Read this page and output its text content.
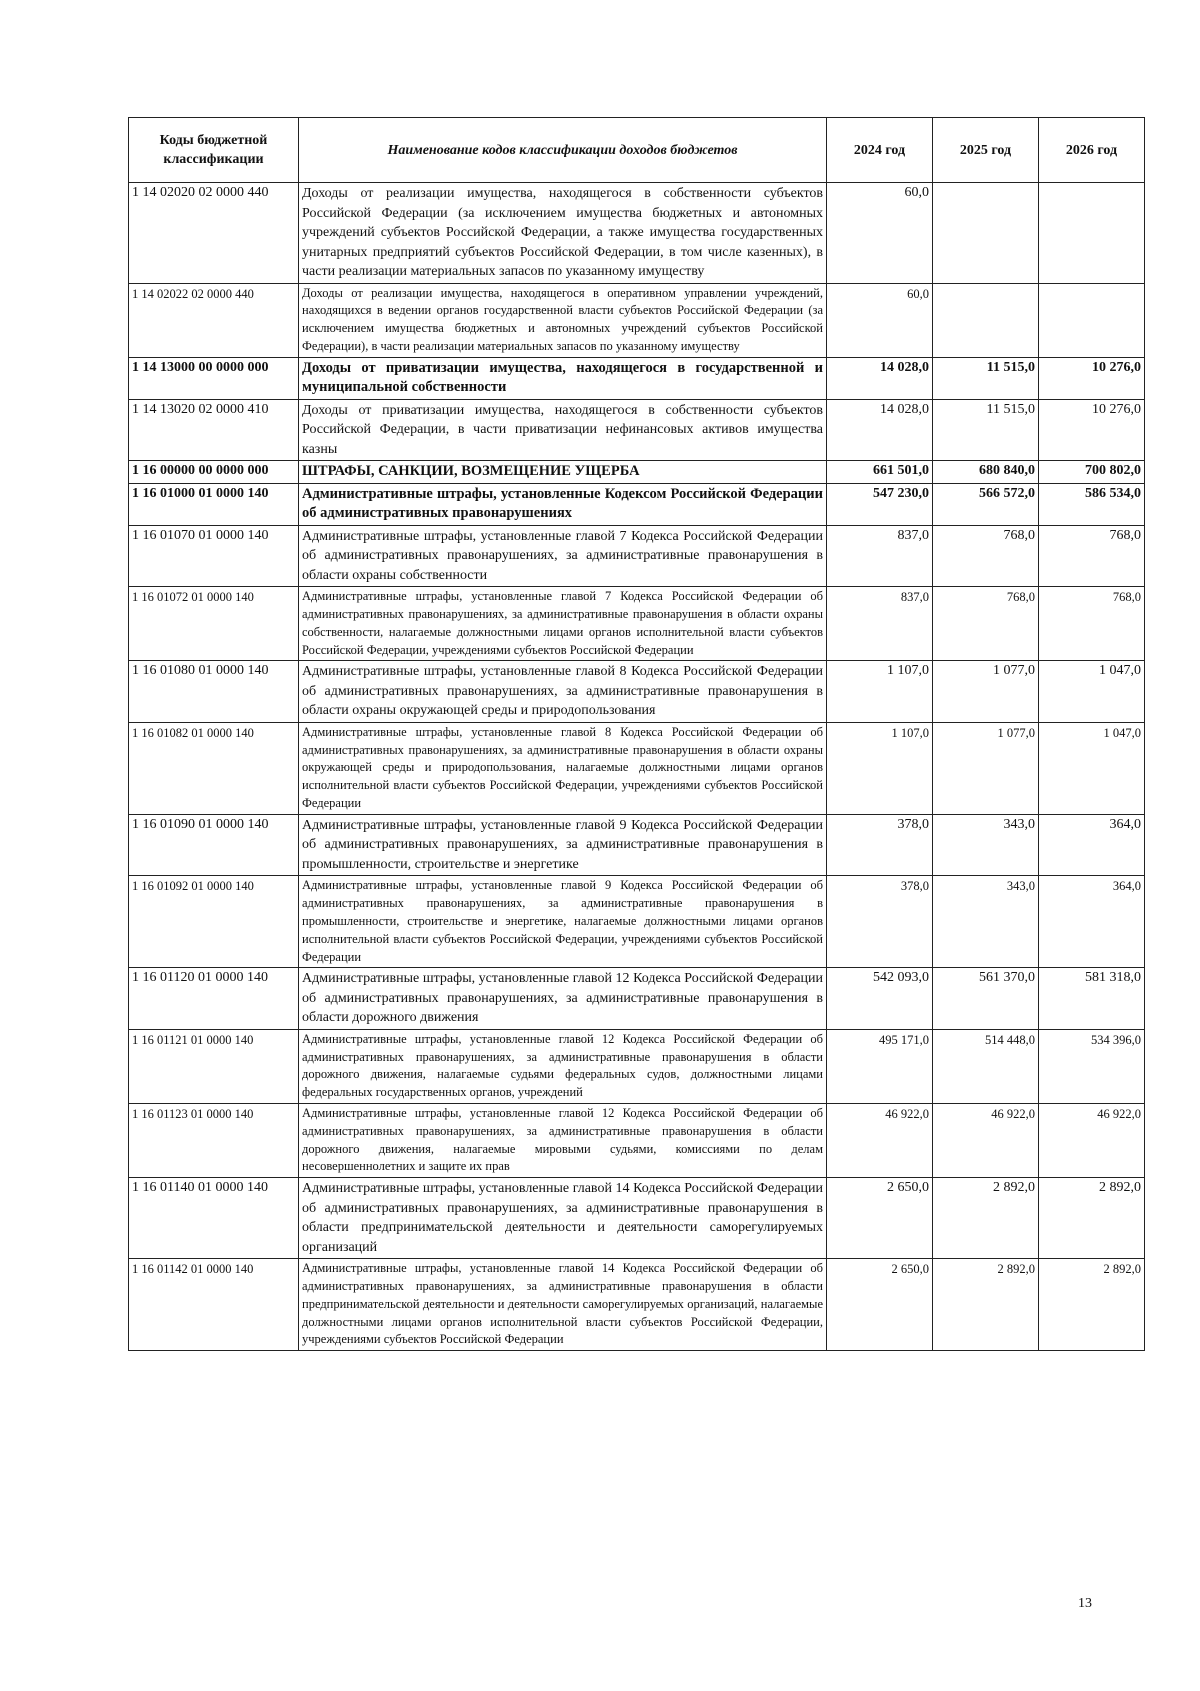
Коды бюджетной классификации	Наименование кодов классификации доходов бюджетов	2024 год	2025 год	2026 год
1 14 02020 02 0000 440	Доходы от реализации имущества, находящегося в собственности субъектов Российской Федерации (за исключением имущества бюджетных и автономных учреждений субъектов Российской Федерации, а также имущества государственных унитарных предприятий субъектов Российской Федерации, в том числе казенных), в части реализации материальных запасов по указанному имуществу	60,0		
1 14 02022 02 0000 440	Доходы от реализации имущества, находящегося в оперативном управлении учреждений, находящихся в ведении органов государственной власти субъектов Российской Федерации (за исключением имущества бюджетных и автономных учреждений субъектов Российской Федерации), в части реализации материальных запасов по указанному имуществу	60,0		
1 14 13000 00 0000 000	Доходы от приватизации имущества, находящегося в государственной и муниципальной собственности	14 028,0	11 515,0	10 276,0
1 14 13020 02 0000 410	Доходы от приватизации имущества, находящегося в собственности субъектов Российской Федерации, в части приватизации нефинансовых активов имущества казны	14 028,0	11 515,0	10 276,0
1 16 00000 00 0000 000	ШТРАФЫ, САНКЦИИ, ВОЗМЕЩЕНИЕ УЩЕРБА	661 501,0	680 840,0	700 802,0
1 16 01000 01 0000 140	Административные штрафы, установленные Кодексом Российской Федерации об административных правонарушениях	547 230,0	566 572,0	586 534,0
1 16 01070 01 0000 140	Административные штрафы, установленные главой 7 Кодекса Российской Федерации об административных правонарушениях, за административные правонарушения в области охраны собственности	837,0	768,0	768,0
1 16 01072 01 0000 140	Административные штрафы, установленные главой 7 Кодекса Российской Федерации об административных правонарушениях, за административные правонарушения в области охраны собственности, налагаемые должностными лицами органов исполнительной власти субъектов Российской Федерации, учреждениями субъектов Российской Федерации	837,0	768,0	768,0
1 16 01080 01 0000 140	Административные штрафы, установленные главой 8 Кодекса Российской Федерации об административных правонарушениях, за административные правонарушения в области охраны окружающей среды и природопользования	1 107,0	1 077,0	1 047,0
1 16 01082 01 0000 140	Административные штрафы, установленные главой 8 Кодекса Российской Федерации об административных правонарушениях, за административные правонарушения в области охраны окружающей среды и природопользования, налагаемые должностными лицами органов исполнительной власти субъектов Российской Федерации, учреждениями субъектов Российской Федерации	1 107,0	1 077,0	1 047,0
1 16 01090 01 0000 140	Административные штрафы, установленные главой 9 Кодекса Российской Федерации об административных правонарушениях, за административные правонарушения в промышленности, строительстве и энергетике	378,0	343,0	364,0
1 16 01092 01 0000 140	Административные штрафы, установленные главой 9 Кодекса Российской Федерации об административных правонарушениях, за административные правонарушения в промышленности, строительстве и энергетике, налагаемые должностными лицами органов исполнительной власти субъектов Российской Федерации, учреждениями субъектов Российской Федерации	378,0	343,0	364,0
1 16 01120 01 0000 140	Административные штрафы, установленные главой 12 Кодекса Российской Федерации об административных правонарушениях, за административные правонарушения в области дорожного движения	542 093,0	561 370,0	581 318,0
1 16 01121 01 0000 140	Административные штрафы, установленные главой 12 Кодекса Российской Федерации об административных правонарушениях, за административные правонарушения в области дорожного движения, налагаемые судьями федеральных судов, должностными лицами федеральных государственных органов, учреждений	495 171,0	514 448,0	534 396,0
1 16 01123 01 0000 140	Административные штрафы, установленные главой 12 Кодекса Российской Федерации об административных правонарушениях, за административные правонарушения в области дорожного движения, налагаемые мировыми судьями, комиссиями по делам несовершеннолетних и защите их прав	46 922,0	46 922,0	46 922,0
1 16 01140 01 0000 140	Административные штрафы, установленные главой 14 Кодекса Российской Федерации об административных правонарушениях, за административные правонарушения в области предпринимательской деятельности и деятельности саморегулируемых организаций	2 650,0	2 892,0	2 892,0
1 16 01142 01 0000 140	Административные штрафы, установленные главой 14 Кодекса Российской Федерации об административных правонарушениях, за административные правонарушения в области предпринимательской деятельности и деятельности саморегулируемых организаций, налагаемые должностными лицами органов исполнительной власти субъектов Российской Федерации, учреждениями субъектов Российской Федерации	2 650,0	2 892,0	2 892,0
13
